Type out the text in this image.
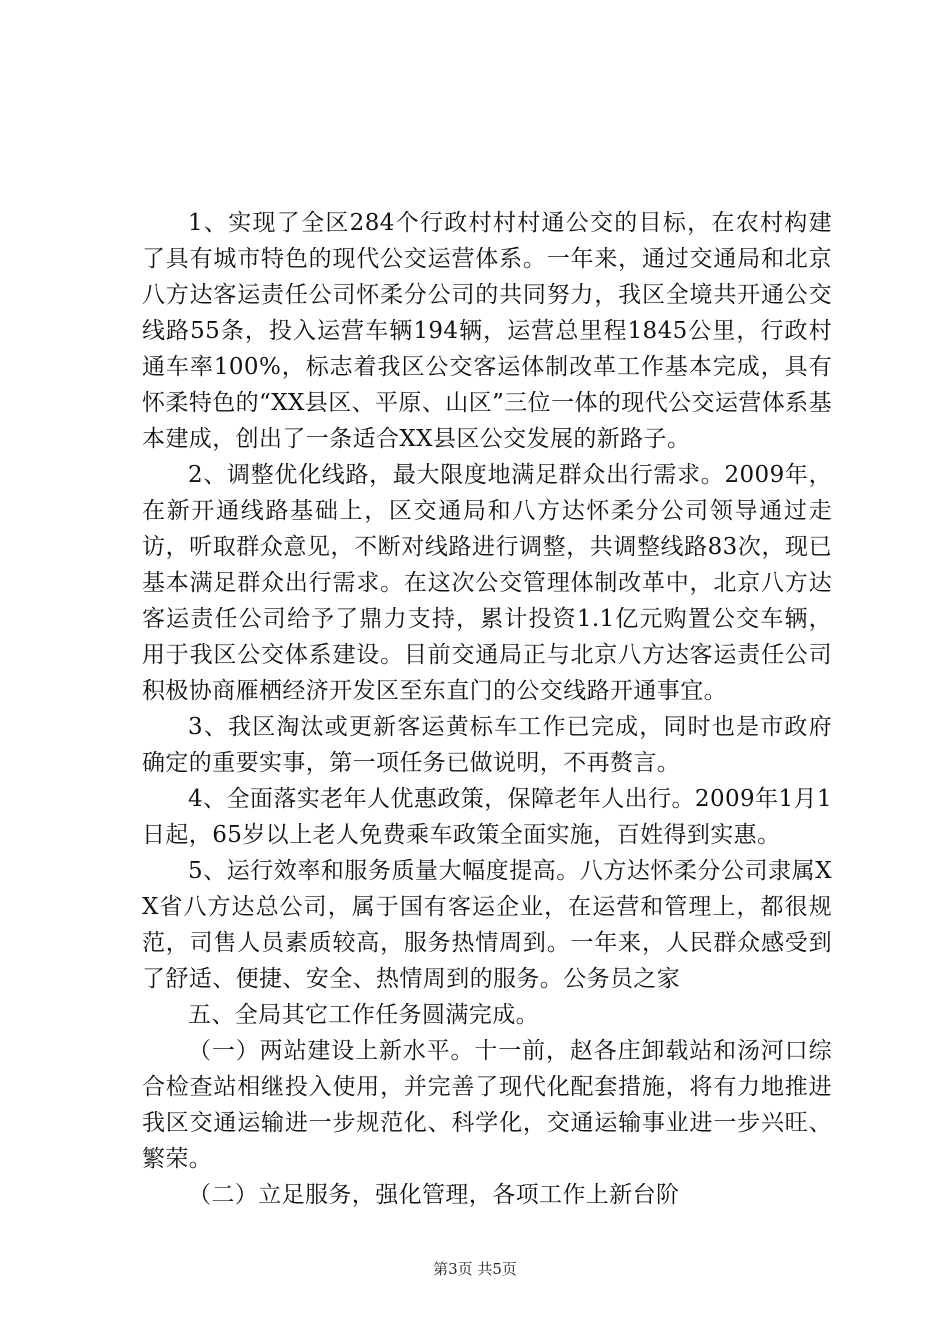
1、实现了全区284个行政村村村通公交的目标，在农村构建了具有城市特色的现代公交运营体系。一年来，通过交通局和北京八方达客运责任公司怀柔分公司的共同努力，我区全境共开通公交线路55条，投入运营车辆194辆，运营总里程1845公里，行政村通车率100%，标志着我区公交客运体制改革工作基本完成，具有怀柔特色的“XX县区、平原、山区”三位一体的现代公交运营体系基本建成，创出了一条适合XX县区公交发展的新路子。

2、调整优化线路，最大限度地满足群众出行需求。2009年，在新开通线路基础上，区交通局和八方达怀柔分公司领导通过走访，听取群众意见，不断对线路进行调整，共调整线路83次，现已基本满足群众出行需求。在这次公交管理体制改革中，北京八方达客运责任公司给予了鼎力支持，累计投资1.1亿元购置公交车辆，用于我区公交体系建设。目前交通局正与北京八方达客运责任公司积极协商雁栖经济开发区至东直门的公交线路开通事宜。

3、我区淘汰或更新客运黄标车工作已完成，同时也是市政府确定的重要实事，第一项任务已做说明，不再赘言。

4、全面落实老年人优惠政策，保障老年人出行。2009年1月1日起，65岁以上老人免费乘车政策全面实施，百姓得到实惠。

5、运行效率和服务质量大幅度提高。八方达怀柔分公司隶属XX省八方达总公司，属于国有客运企业，在运营和管理上，都很规范，司售人员素质较高，服务热情周到。一年来，人民群众感受到了舒适、便捷、安全、热情周到的服务。公务员之家

五、全局其它工作任务圆满完成。

（一）两站建设上新水平。十一前，赵各庄卸载站和汤河口综合检查站相继投入使用，并完善了现代化配套措施，将有力地推进我区交通运输进一步规范化、科学化，交通运输事业进一步兴旺、繁荣。

（二）立足服务，强化管理，各项工作上新台阶

第3页 共5页
